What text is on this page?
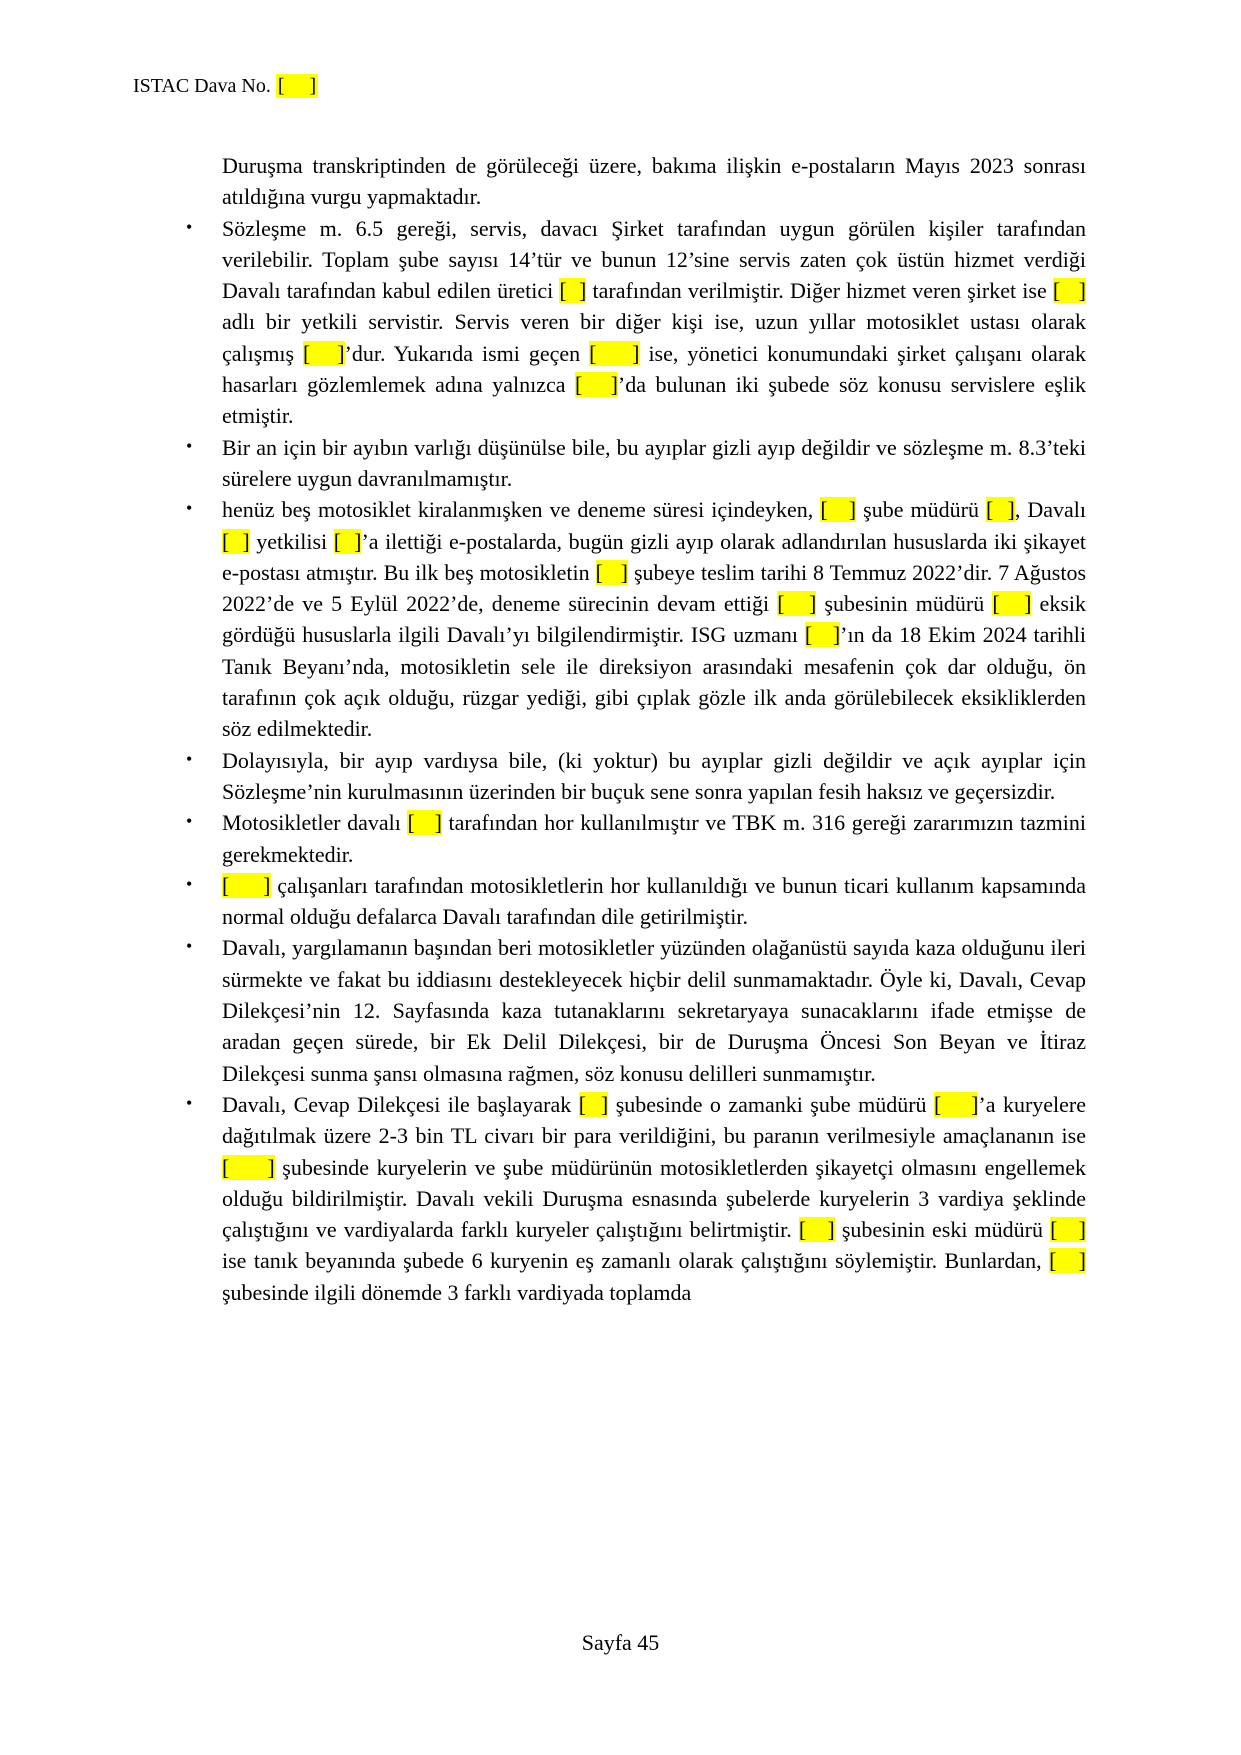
ISTAC Dava No. [     ]
Duruşma transkriptinden de görüleceği üzere, bakıma ilişkin e-postaların Mayıs 2023 sonrası atıldığına vurgu yapmaktadır.
• Sözleşme m. 6.5 gereği, servis, davacı Şirket tarafından uygun görülen kişiler tarafından verilebilir. Toplam şube sayısı 14’tür ve bunun 12’sine servis zaten çok üstün hizmet verdiği Davalı tarafından kabul edilen üretici [  ] tarafından verilmiştir. Diğer hizmet veren şirket ise [   ] adlı bir yetkili servistir. Servis veren bir diğer kişi ise, uzun yıllar motosiklet ustası olarak çalışmış [   ]’dur. Yukarıda ismi geçen [    ] ise, yönetici konumundaki şirket çalışanı olarak hasarları gözlemlemek adına yalnızca [   ]’da bulunan iki şubede söz konusu servislere eşlik etmiştir.
• Bir an için bir ayıbın varlığı düşünülse bile, bu ayıplar gizli ayıp değildir ve sözleşme m. 8.3’teki sürelere uygun davranılmamıştır.
• henüz beş motosiklet kiralanmışken ve deneme süresi içindeyken, [   ] şube müdürü [  ], Davalı [  ] yetkilisi [  ]’a ilettiği e-postalarda, bugün gizli ayıp olarak adlandırılan hususlarda iki şikayet e-postası atmıştır. Bu ilk beş motosikletin [   ] şubeye teslim tarihi 8 Temmuz 2022’dir. 7 Ağustos 2022’de ve 5 Eylül 2022’de, deneme sürecinin devam ettiği [   ] şubesinin müdürü [   ] eksik gördüğü hususlarla ilgili Davalı’yı bilgilendirmiştir. ISG uzmanı [   ]’ın da 18 Ekim 2024 tarihli Tanık Beyanı’nda, motosikletin sele ile direksiyon arasındaki mesafenin çok dar olduğu, ön tarafının çok açık olduğu, rüzgar yediği, gibi çıplak gözle ilk anda görülebilecek eksikliklerden söz edilmektedir.
• Dolayısıyla, bir ayıp vardıysa bile, (ki yoktur) bu ayıplar gizli değildir ve açık ayıplar için Sözleşme’nin kurulmasının üzerinden bir buçuk sene sonra yapılan fesih haksız ve geçersizdir.
• Motosikletler davalı [   ] tarafından hor kullanılmıştır ve TBK m. 316 gereği zararımızın tazmini gerekmektedir.
• [     ] çalışanları tarafından motosikletlerin hor kullanıldığı ve bunun ticari kullanım kapsamında normal olduğu defalarca Davalı tarafından dile getirilmiştir.
• Davalı, yargılamanın başından beri motosikletler yüzünden olağanüstü sayıda kaza olduğunu ileri sürmekte ve fakat bu iddiasını destekleyecek hiçbir delil sunmamaktadır. Öyle ki, Davalı, Cevap Dilekçesi’nin 12. Sayfasında kaza tutanaklarını sekretaryaya sunacaklarını ifade etmişse de aradan geçen sürede, bir Ek Delil Dilekçesi, bir de Duruşma Öncesi Son Beyan ve İtiraz Dilekçesi sunma şansı olmasına rağmen, söz konusu delilleri sunmamıştır.
• Davalı, Cevap Dilekçesi ile başlayarak [  ] şubesinde o zamanki şube müdürü [    ]’a kuryelere dağıtılmak üzere 2-3 bin TL civarı bir para verildiğini, bu paranın verilmesiyle amaçlananın ise [     ] şubesinde kuryelerin ve şube müdürünün motosikletlerden şikayetçi olmasını engellemek olduğu bildirilmiştir. Davalı vekili Duruşma esnasında şubelerde kuryelerin 3 vardiya şeklinde çalıştığını ve vardiyalarda farklı kuryeler çalıştığını belirtmiştir. [   ] şubesinin eski müdürü [   ] ise tanık beyanında şubede 6 kuryenin eş zamanlı olarak çalıştığını söylemiştir. Bunlardan, [   ] şubesinde ilgili dönemde 3 farklı vardiyada toplamda
Sayfa 45
